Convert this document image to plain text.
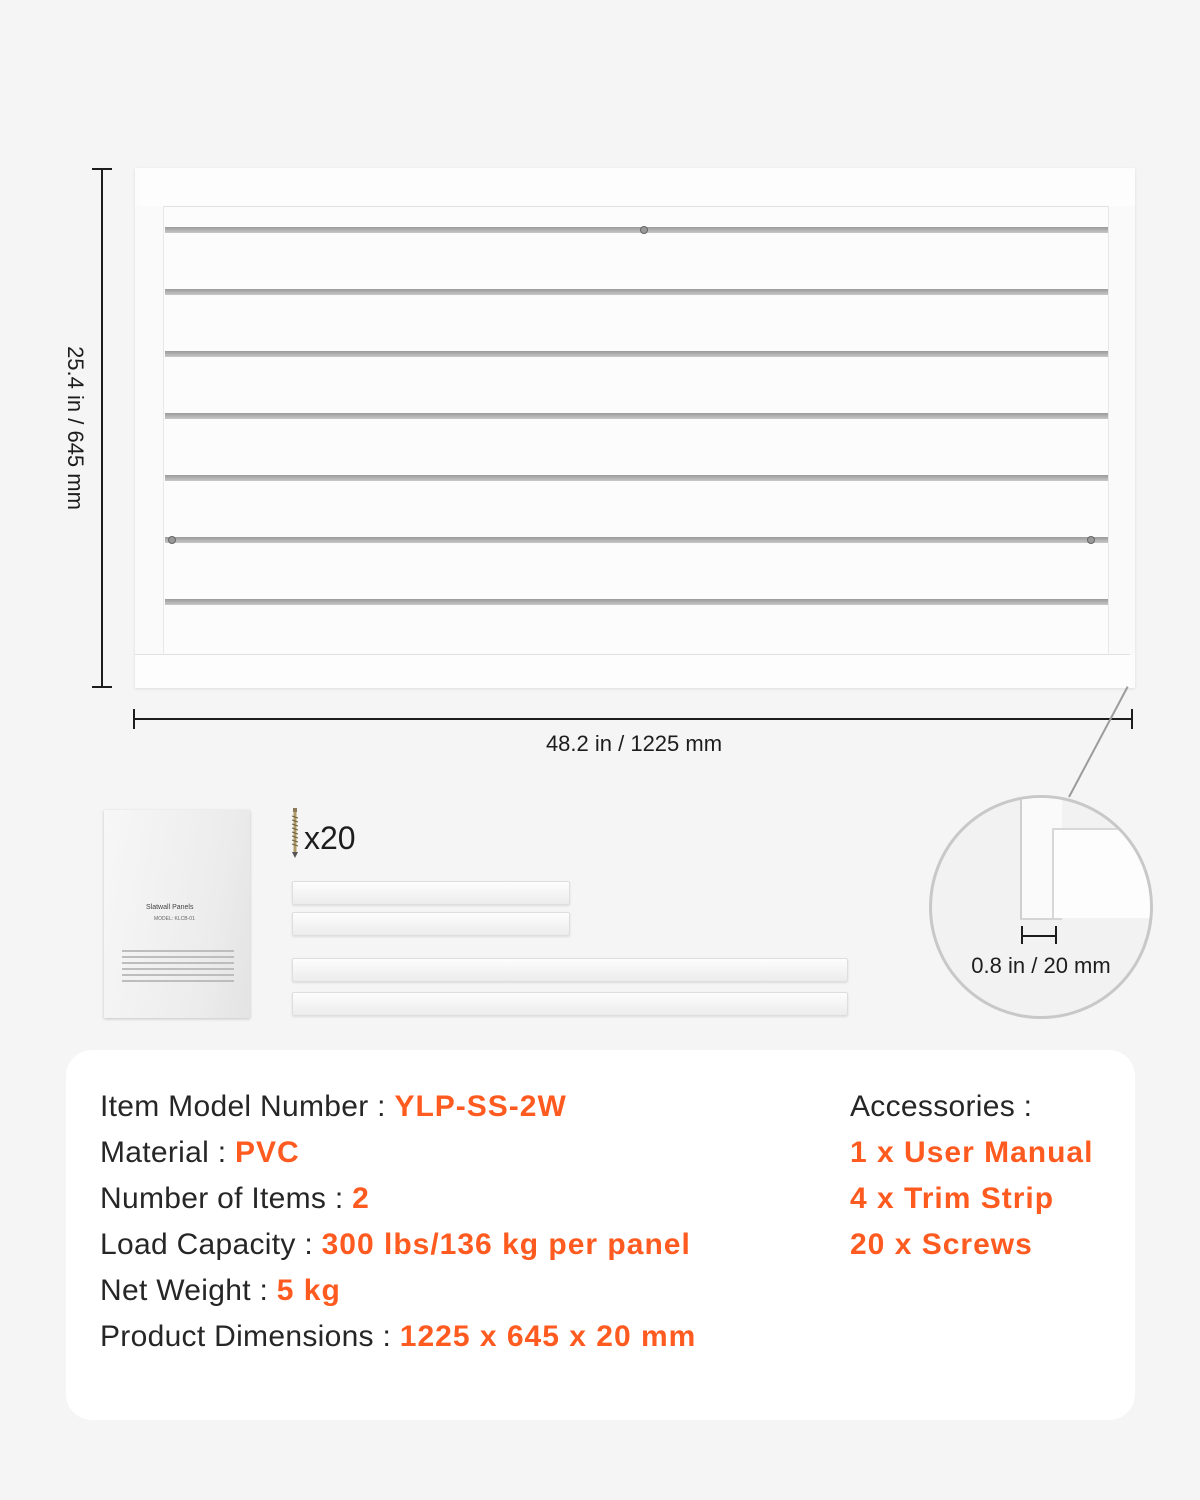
25.4 in / 645 mm
48.2 in / 1225 mm
0.8 in / 20 mm
Slatwall Panels
MODEL: KLCB-01
x20
Item Model Number : YLP-SS-2W
Material : PVC
Number of Items : 2
Load Capacity : 300 lbs/136 kg per panel
Net Weight : 5 kg
Product Dimensions : 1225 x 645 x 20 mm
Accessories :
1 x User Manual
4 x Trim Strip
20 x Screws
